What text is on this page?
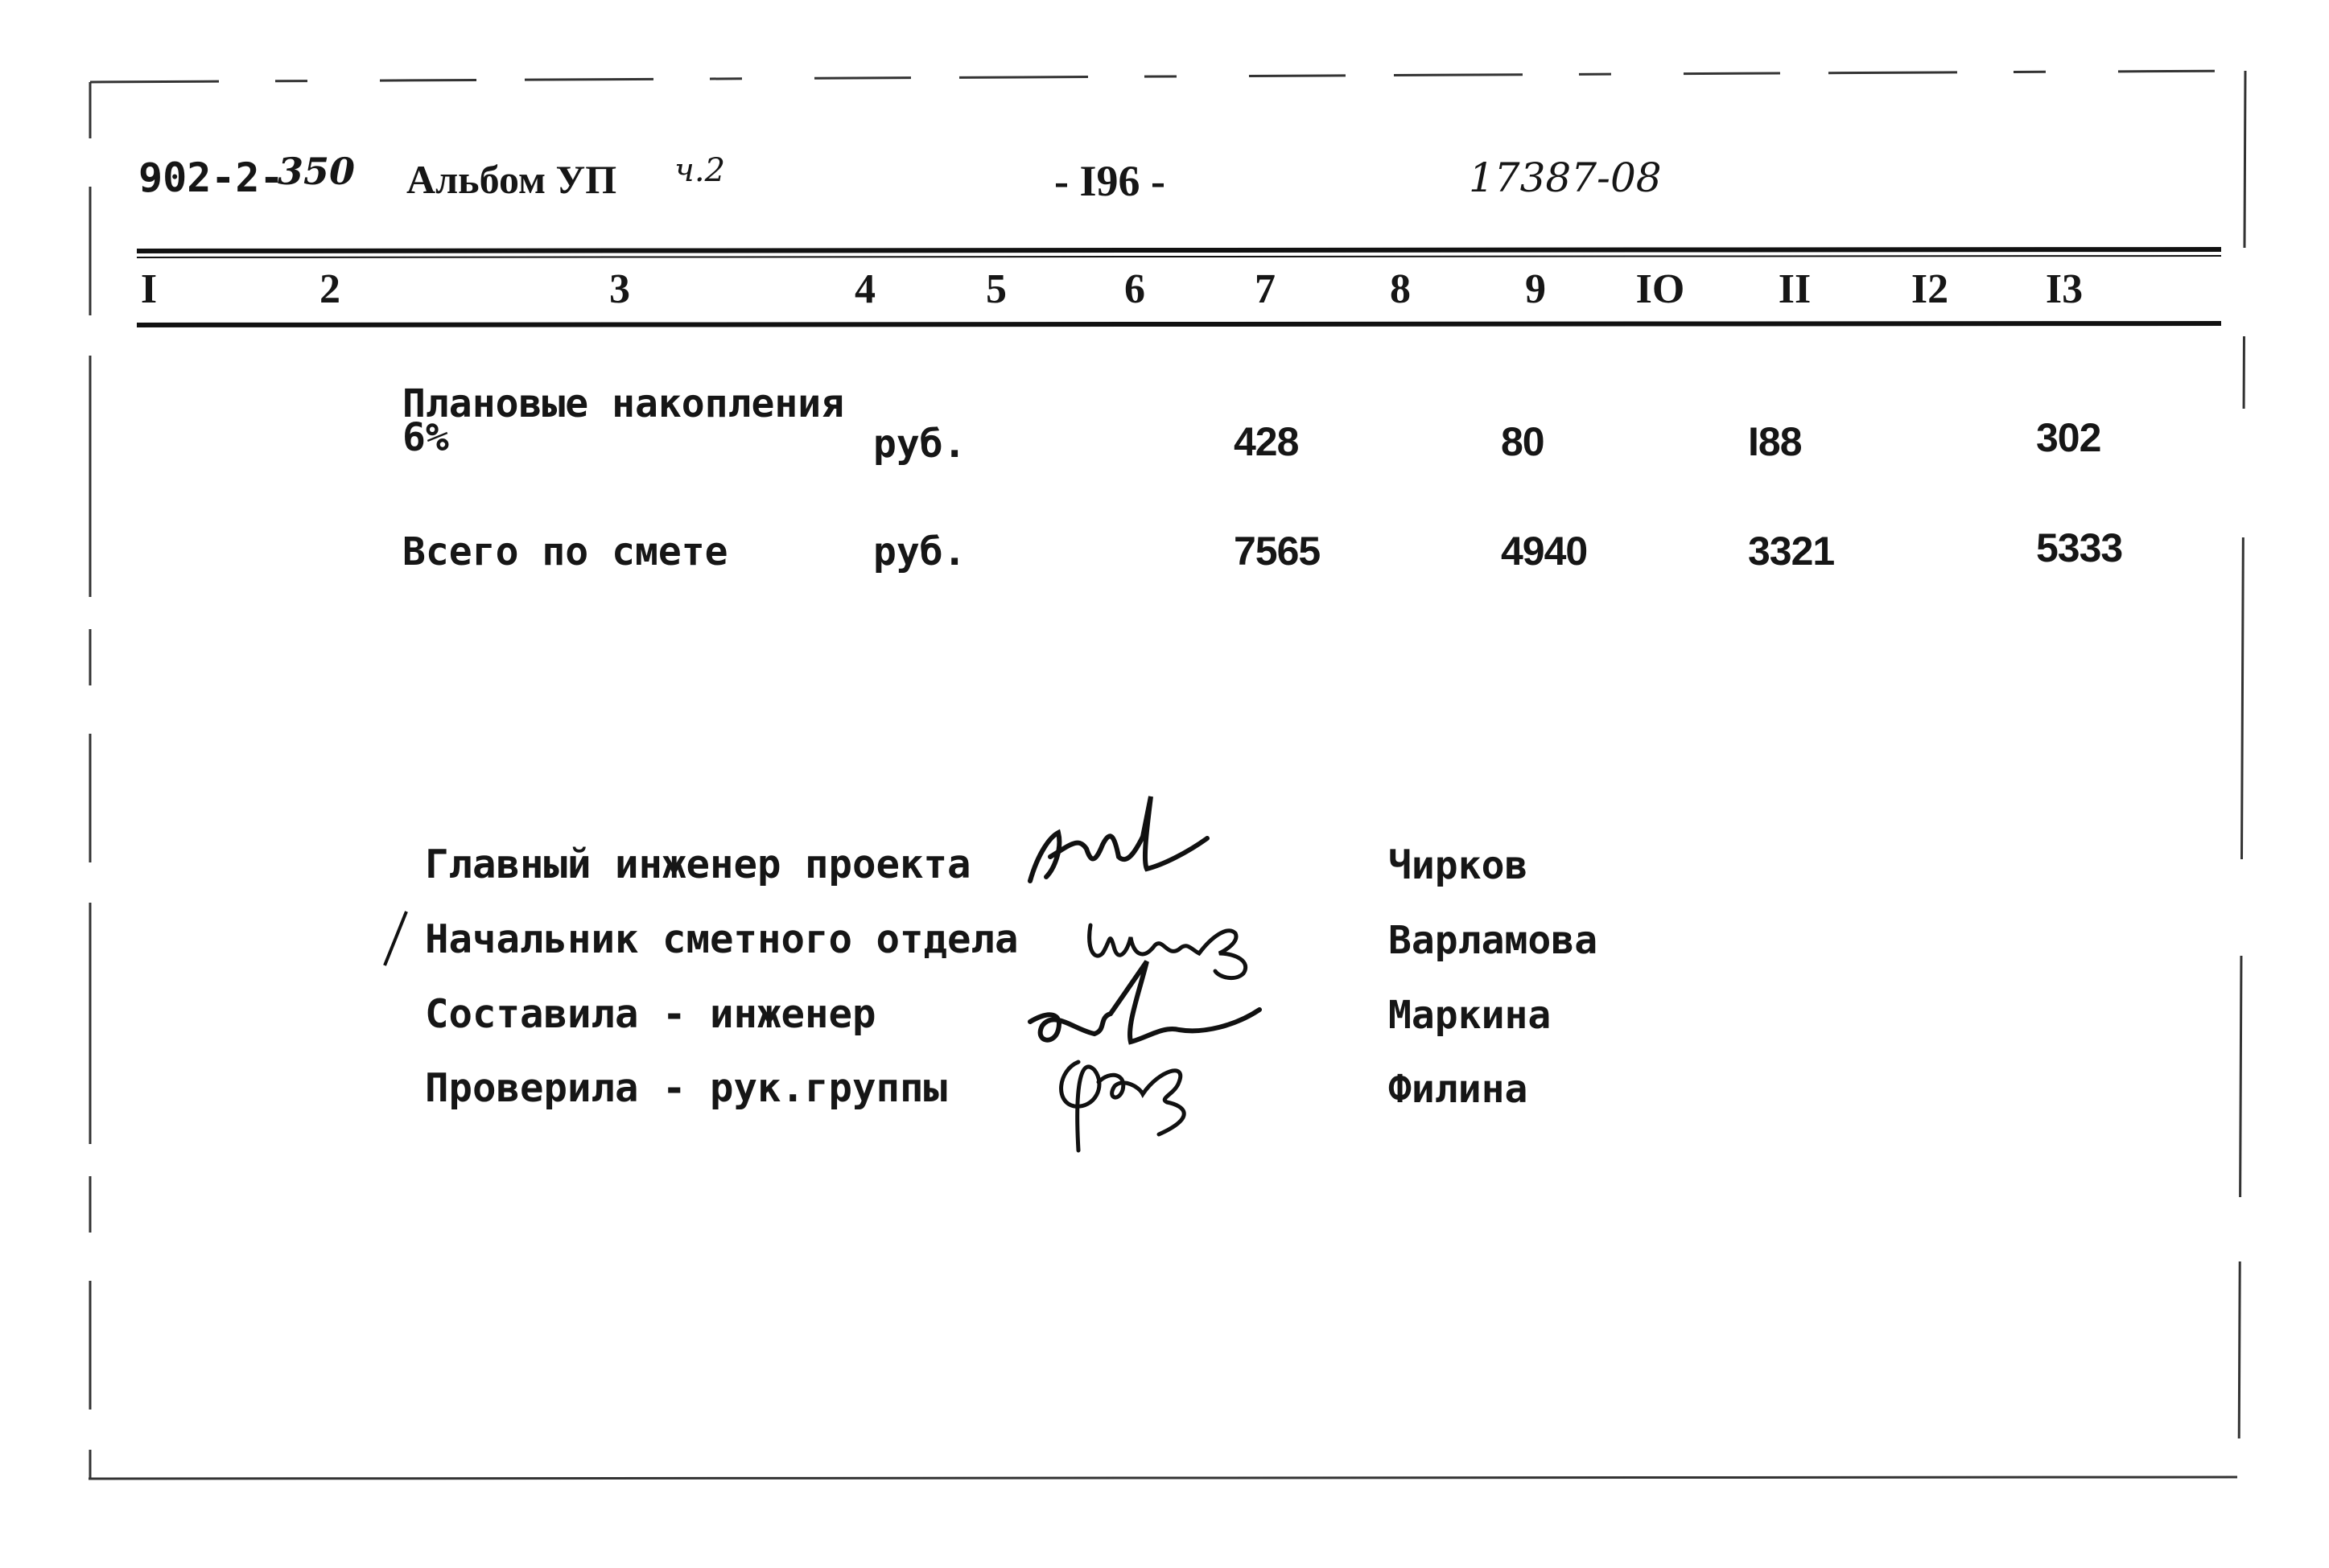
902-2-
350 Альбом УП ч.2	- I96 -	17387-08
I	2	3	4	5	6	7	8	9 IO II I2 I3
Плановые накопления
6%	руб.	428	80	I88	302
Всего по смете	руб.	7565	4940	3321	5333
Главный инженер проекта	Чирков
Начальник сметного отдела	Варламова
Составила - инженер	Маркина
Проверила - рук.группы	Филина
